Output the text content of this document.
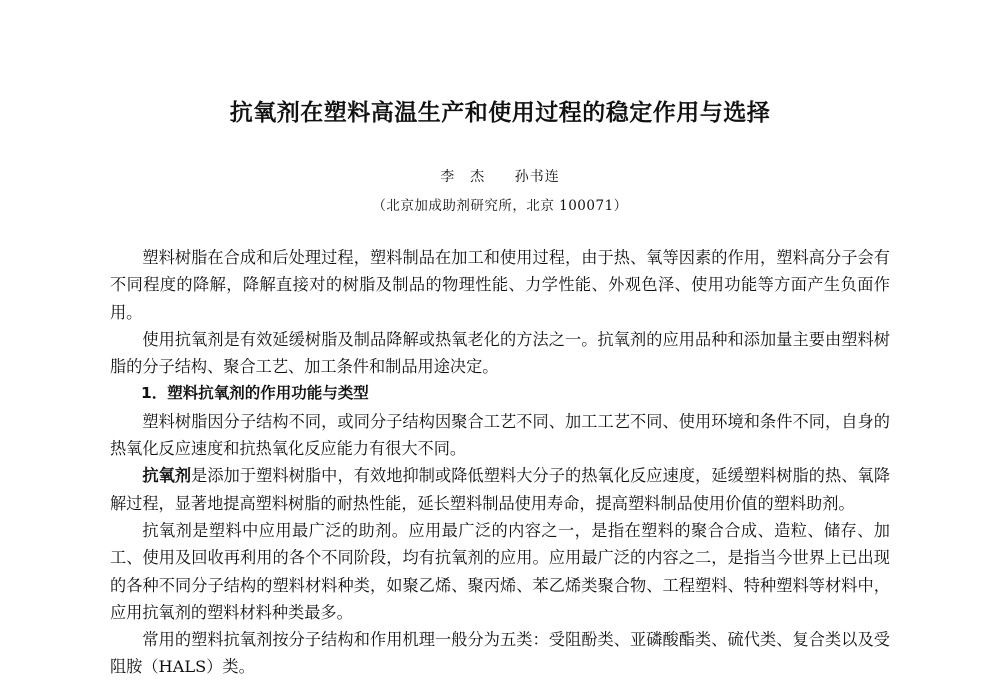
抗氧剂在塑料高温生产和使用过程的稳定作用与选择
李　杰 孙书连
（北京加成助剂研究所，北京 100071）

塑料树脂在合成和后处理过程，塑料制品在加工和使用过程，由于热、氧等因素的作用，塑料高分子会有不同程度的降解，降解直接对的树脂及制品的物理性能、力学性能、外观色泽、使用功能等方面产生负面作用。

使用抗氧剂是有效延缓树脂及制品降解或热氧老化的方法之一。抗氧剂的应用品种和添加量主要由塑料树脂的分子结构、聚合工艺、加工条件和制品用途决定。

1．塑料抗氧剂的作用功能与类型

塑料树脂因分子结构不同，或同分子结构因聚合工艺不同、加工工艺不同、使用环境和条件不同，自身的热氧化反应速度和抗热氧化反应能力有很大不同。

抗氧剂是添加于塑料树脂中，有效地抑制或降低塑料大分子的热氧化反应速度，延缓塑料树脂的热、氧降解过程，显著地提高塑料树脂的耐热性能，延长塑料制品使用寿命，提高塑料制品使用价值的塑料助剂。

抗氧剂是塑料中应用最广泛的助剂。应用最广泛的内容之一，是指在塑料的聚合合成、造粒、储存、加工、使用及回收再利用的各个不同阶段，均有抗氧剂的应用。应用最广泛的内容之二，是指当今世界上已出现的各种不同分子结构的塑料材料种类，如聚乙烯、聚丙烯、苯乙烯类聚合物、工程塑料、特种塑料等材料中，应用抗氧剂的塑料材料种类最多。

常用的塑料抗氧剂按分子结构和作用机理一般分为五类：受阻酚类、亚磷酸酯类、硫代类、复合类以及受阻胺（HALS）类。
